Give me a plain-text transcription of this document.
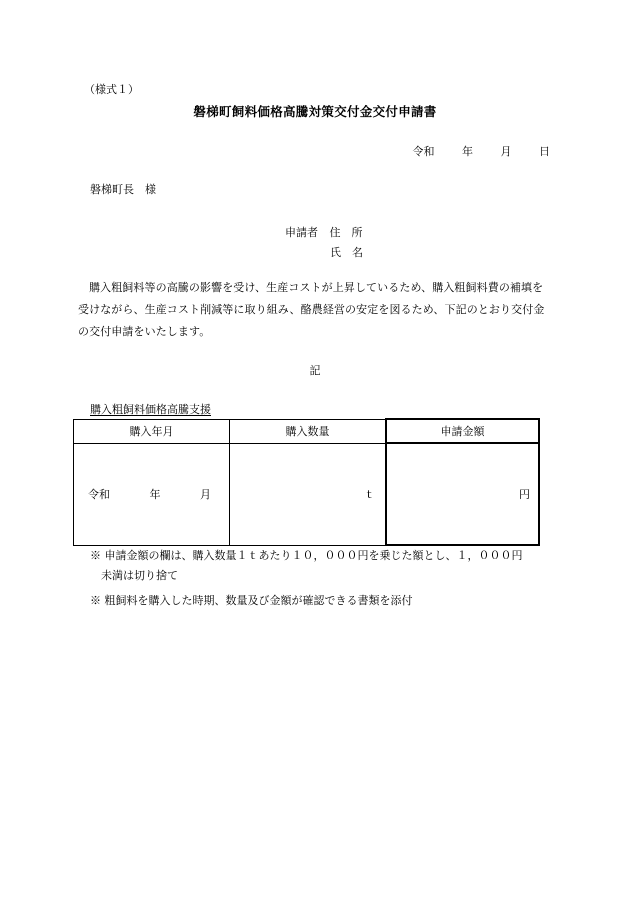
（様式１）
磐梯町飼料価格高騰対策交付金交付申請書
令和	年	月	日
磐梯町長　様
申請者 住　所
氏　名
購入粗飼料等の高騰の影響を受け、生産コストが上昇しているため、購入粗飼料費の補填を受けながら、生産コスト削減等に取り組み、酪農経営の安定を図るため、下記のとおり交付金の交付申請をいたします。
記
購入粗飼料価格高騰支援
購入年月	購入数量	申請金額

令和 年 月	ｔ	円
※ 申請金額の欄は、購入数量１ｔあたり１０，０００円を乗じた額とし、１，０００円
未満は切り捨て
※ 粗飼料を購入した時期、数量及び金額が確認できる書類を添付
